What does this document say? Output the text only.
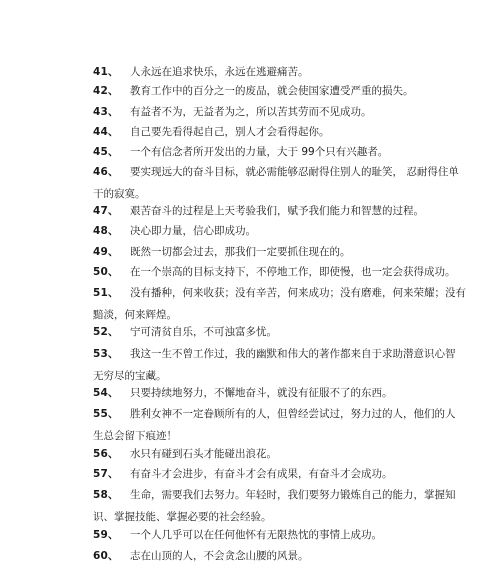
41、 人永远在追求快乐，永远在逃避痛苦。
42、 教育工作中的百分之一的废品，就会使国家遭受严重的损失。
43、 有益者不为，无益者为之，所以苦其劳而不见成功。
44、 自己要先看得起自己，别人才会看得起你。
45、 一个有信念者所开发出的力量，大于 99个只有兴趣者。
46、 要实现远大的奋斗目标，就必需能够忍耐得住别人的耻笑， 忍耐得住单
干的寂寞。
47、 艰苦奋斗的过程是上天考验我们，赋予我们能力和智慧的过程。
48、 决心即力量，信心即成功。
49、 既然一切都会过去，那我们一定要抓住现在的。
50、 在一个崇高的目标支持下，不停地工作，即使慢，也一定会获得成功。
51、 没有播种，何来收获；没有辛苦，何来成功；没有磨难，何来荣耀；没有
黯淡，何来辉煌。
52、 宁可清贫自乐，不可浊富多忧。
53、 我这一生不曾工作过，我的幽默和伟大的著作都来自于求助潜意识心智
无穷尽的宝藏。
54、 只要持续地努力，不懈地奋斗，就没有征服不了的东西。
55、 胜利女神不一定眷顾所有的人，但曾经尝试过，努力过的人，他们的人
生总会留下痕迹！
56、 水只有碰到石头才能碰出浪花。
57、 有奋斗才会进步，有奋斗才会有成果，有奋斗才会成功。
58、 生命，需要我们去努力。年轻时，我们要努力锻炼自己的能力，掌握知
识、掌握技能、掌握必要的社会经验。
59、 一个人几乎可以在任何他怀有无限热忱的事情上成功。
60、 志在山顶的人，不会贪念山腰的风景。
